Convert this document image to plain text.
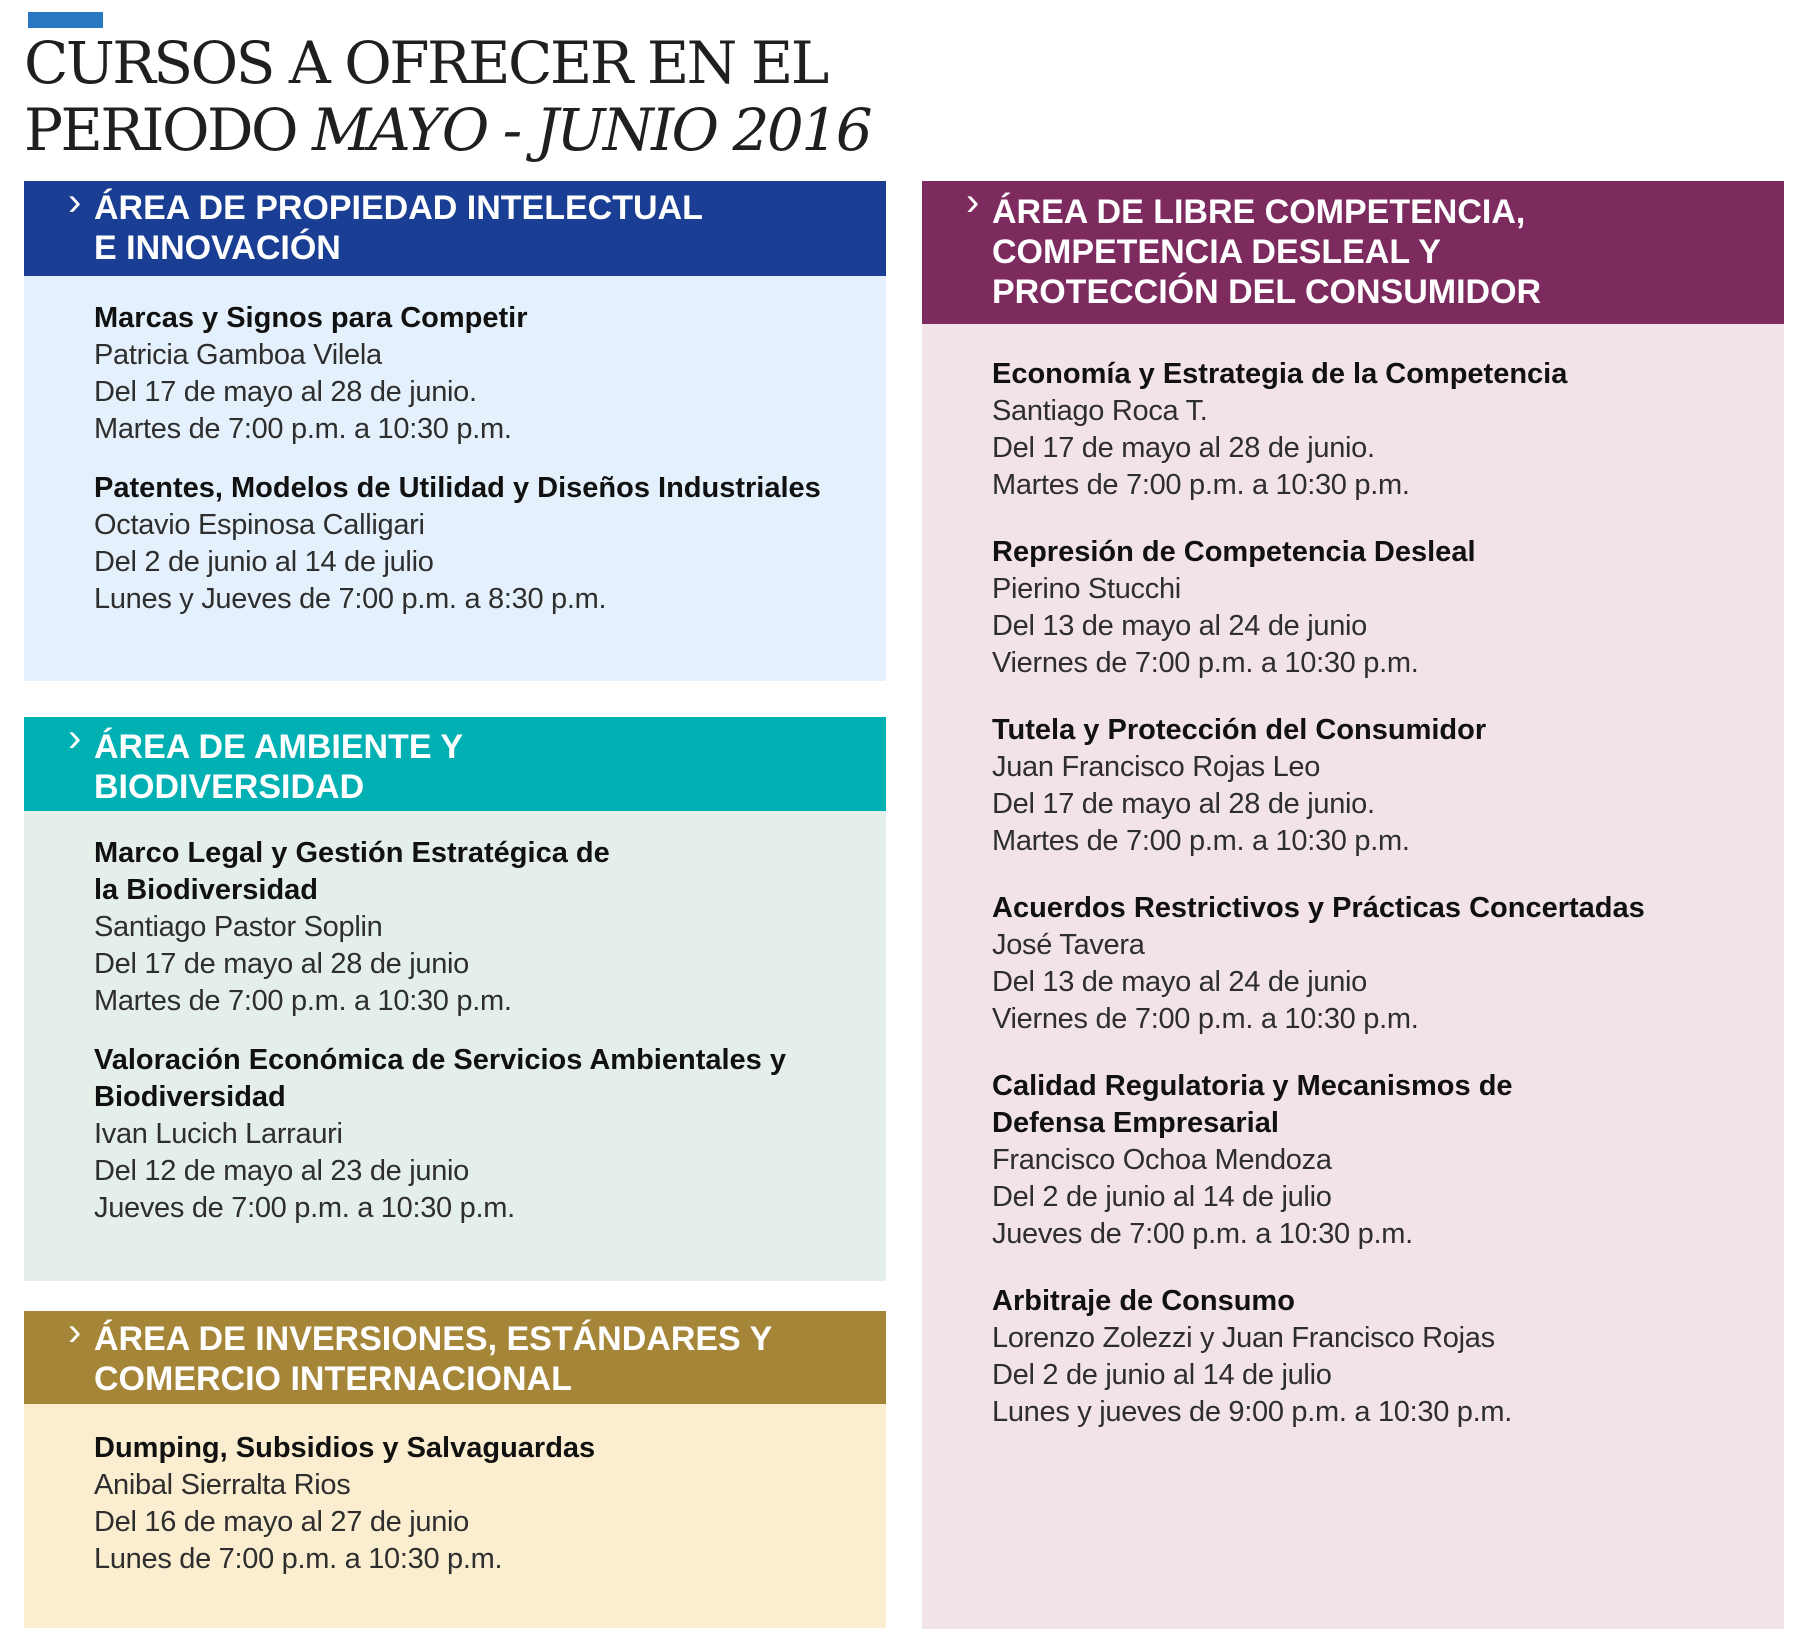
CURSOS A OFRECER EN EL
PERIODO MAYO - JUNIO 2016
› ÁREA DE PROPIEDAD INTELECTUAL
E INNOVACIÓN
Marcas y Signos para Competir
Patricia Gamboa Vilela
Del 17 de mayo al 28 de junio.
Martes de 7:00 p.m. a 10:30 p.m.
Patentes, Modelos de Utilidad y Diseños Industriales
Octavio Espinosa Calligari
Del 2 de junio al 14 de julio
Lunes y Jueves de 7:00 p.m. a 8:30 p.m.
› ÁREA DE AMBIENTE Y
BIODIVERSIDAD
Marco Legal y Gestión Estratégica de
la Biodiversidad
Santiago Pastor Soplin
Del 17 de mayo al 28 de junio
Martes de 7:00 p.m. a 10:30 p.m.
Valoración Económica de Servicios Ambientales y
Biodiversidad
Ivan Lucich Larrauri
Del 12 de mayo al 23 de junio
Jueves de 7:00 p.m. a 10:30 p.m.
› ÁREA DE INVERSIONES, ESTÁNDARES Y
COMERCIO INTERNACIONAL
Dumping, Subsidios y Salvaguardas
Anibal Sierralta Rios
Del 16 de mayo al 27 de junio
Lunes de 7:00 p.m. a 10:30 p.m.
› ÁREA DE LIBRE COMPETENCIA,
COMPETENCIA DESLEAL Y
PROTECCIÓN DEL CONSUMIDOR
Economía y Estrategia de la Competencia
Santiago Roca T.
Del 17 de mayo al 28 de junio.
Martes de 7:00 p.m. a 10:30 p.m.
Represión de Competencia Desleal
Pierino Stucchi
Del 13 de mayo al 24 de junio
Viernes de 7:00 p.m. a 10:30 p.m.
Tutela y Protección del Consumidor
Juan Francisco Rojas Leo
Del 17 de mayo al 28 de junio.
Martes de 7:00 p.m. a 10:30 p.m.
Acuerdos Restrictivos y Prácticas Concertadas
José Tavera
Del 13 de mayo al 24 de junio
Viernes de 7:00 p.m. a 10:30 p.m.
Calidad Regulatoria y Mecanismos de
Defensa Empresarial
Francisco Ochoa Mendoza
Del 2 de junio al 14 de julio
Jueves de 7:00 p.m. a 10:30 p.m.
Arbitraje de Consumo
Lorenzo Zolezzi y Juan Francisco Rojas
Del 2 de junio al 14 de julio
Lunes y jueves de 9:00 p.m. a 10:30 p.m.
